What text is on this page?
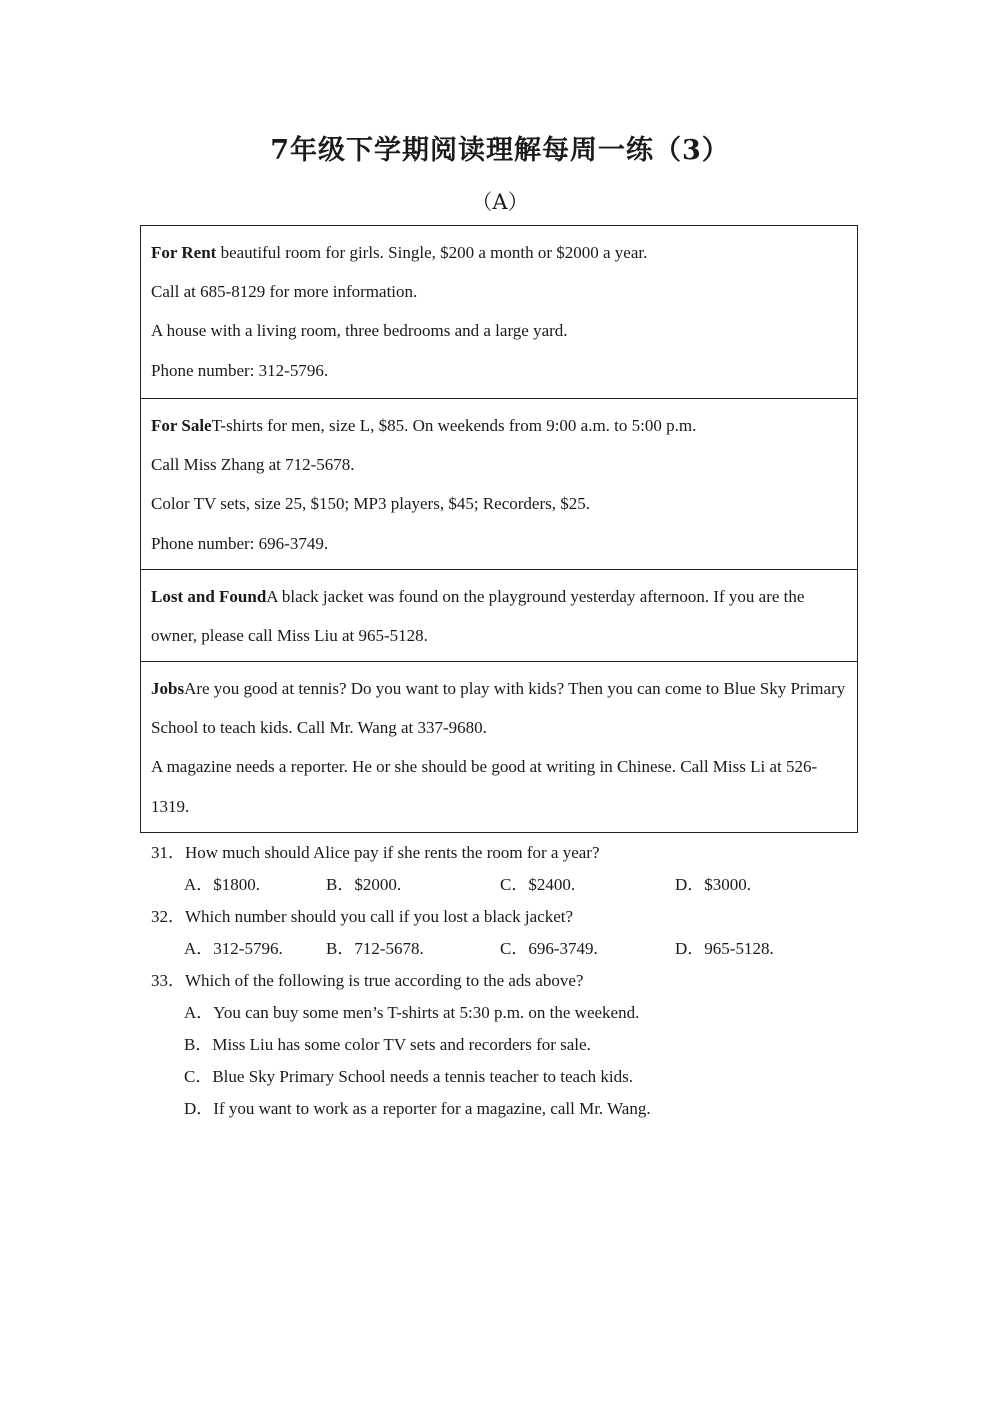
7年级下学期阅读理解每周一练（3）
（A）
For Rent beautiful room for girls. Single, $200 a month or $2000 a year.
Call at 685-8129 for more information.
A house with a living room, three bedrooms and a large yard.
Phone number: 312-5796.
For SaleT-shirts for men, size L, $85. On weekends from 9:00 a.m. to 5:00 p.m.
Call Miss Zhang at 712-5678.
Color TV sets, size 25, $150; MP3 players, $45; Recorders, $25.
Phone number: 696-3749.
Lost and FoundA black jacket was found on the playground yesterday afternoon. If you are the owner, please call Miss Liu at 965-5128.
JobsAre you good at tennis? Do you want to play with kids? Then you can come to Blue Sky Primary School to teach kids. Call Mr. Wang at 337-9680.
A magazine needs a reporter. He or she should be good at writing in Chinese. Call Miss Li at 526-1319.
31．How much should Alice pay if she rents the room for a year?
A．$1800.	B．$2000.	C．$2400.	D．$3000.
32．Which number should you call if you lost a black jacket?
A．312-5796.	B．712-5678.	C．696-3749.	D．965-5128.
33．Which of the following is true according to the ads above?
A．You can buy some men’s T-shirts at 5:30 p.m. on the weekend.
B．Miss Liu has some color TV sets and recorders for sale.
C．Blue Sky Primary School needs a tennis teacher to teach kids.
D．If you want to work as a reporter for a magazine, call Mr. Wang.
